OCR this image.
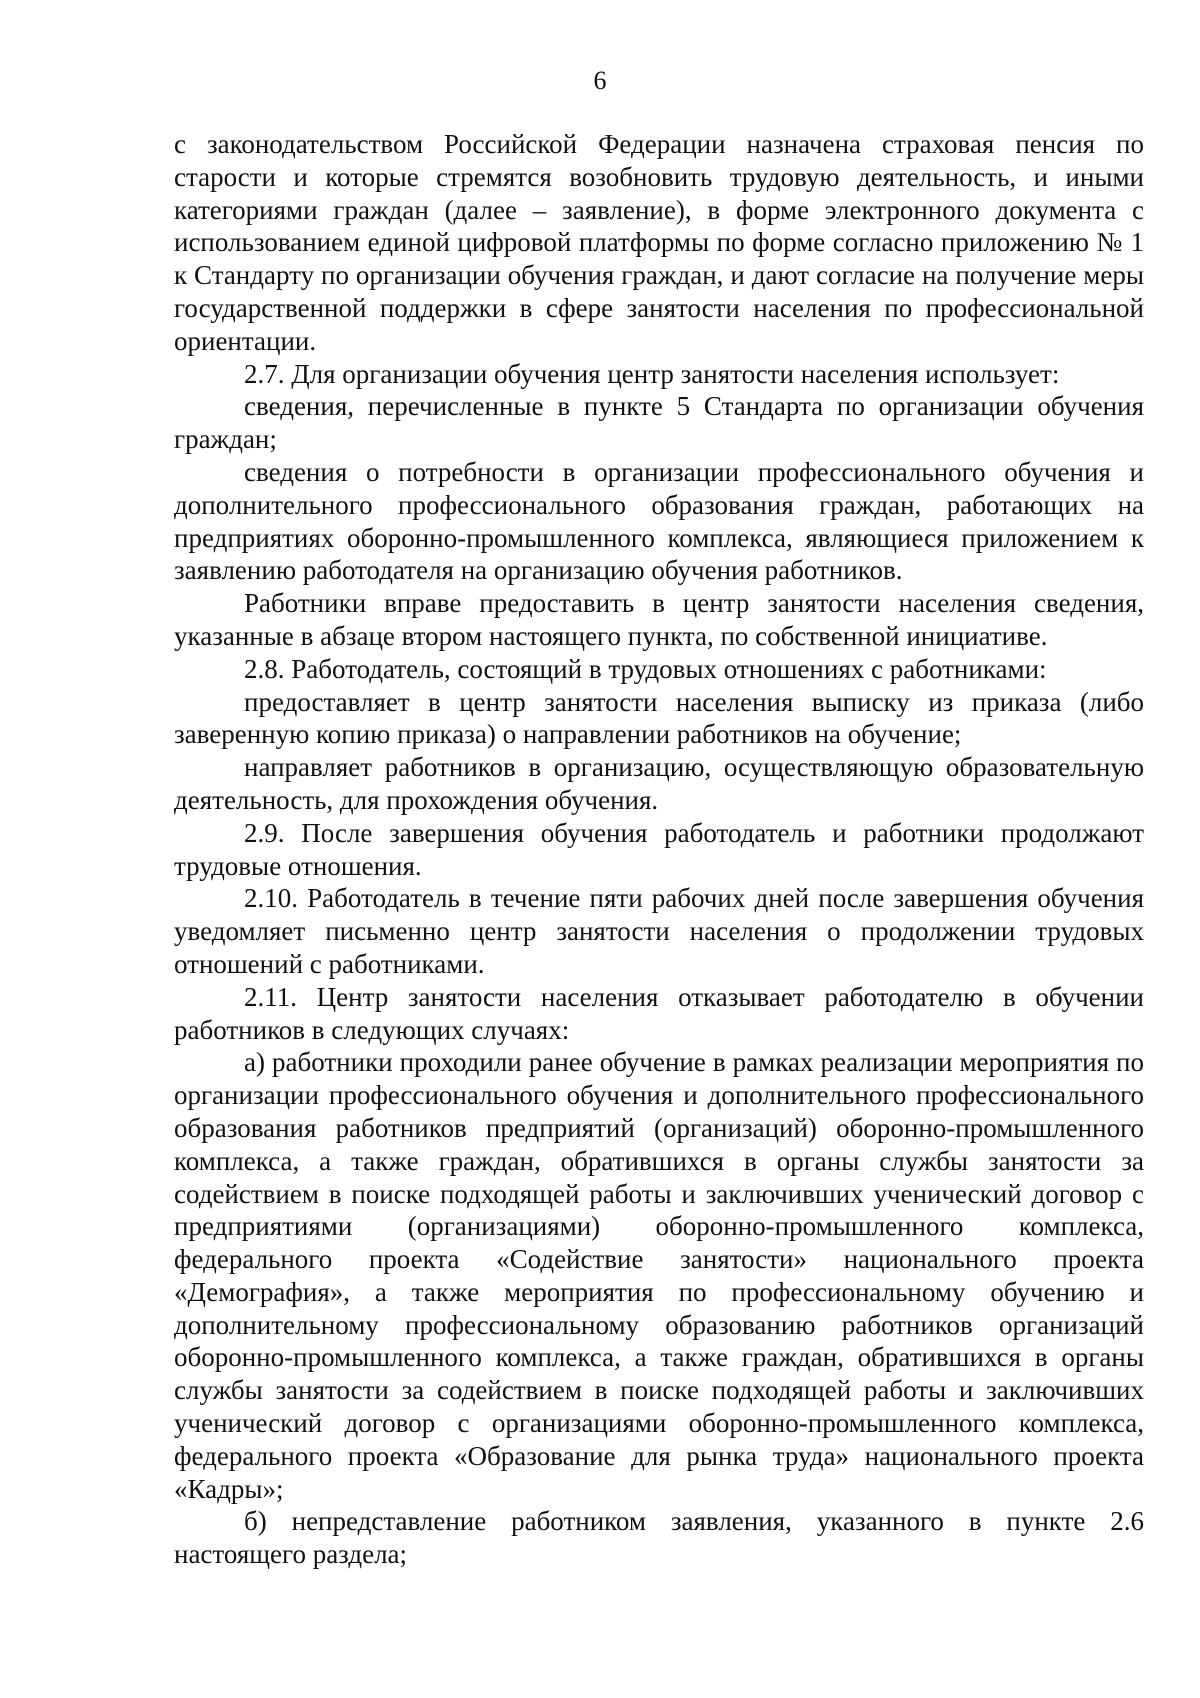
6

с законодательством Российской Федерации назначена страховая пенсия по старости и которые стремятся возобновить трудовую деятельность, и иными категориями граждан (далее – заявление), в форме электронного документа с использованием единой цифровой платформы по форме согласно приложению № 1 к Стандарту по организации обучения граждан, и дают согласие на получение меры государственной поддержки в сфере занятости населения по профессиональной ориентации.

2.7. Для организации обучения центр занятости населения использует:

сведения, перечисленные в пункте 5 Стандарта по организации обучения граждан;

сведения о потребности в организации профессионального обучения и дополнительного профессионального образования граждан, работающих на предприятиях оборонно-промышленного комплекса, являющиеся приложением к заявлению работодателя на организацию обучения работников.

Работники вправе предоставить в центр занятости населения сведения, указанные в абзаце втором настоящего пункта, по собственной инициативе.

2.8. Работодатель, состоящий в трудовых отношениях с работниками:

предоставляет в центр занятости населения выписку из приказа (либо заверенную копию приказа) о направлении работников на обучение;

направляет работников в организацию, осуществляющую образовательную деятельность, для прохождения обучения.

2.9. После завершения обучения работодатель и работники продолжают трудовые отношения.

2.10. Работодатель в течение пяти рабочих дней после завершения обучения уведомляет письменно центр занятости населения о продолжении трудовых отношений с работниками.

2.11. Центр занятости населения отказывает работодателю в обучении работников в следующих случаях:

а) работники проходили ранее обучение в рамках реализации мероприятия по организации профессионального обучения и дополнительного профессионального образования работников предприятий (организаций) оборонно-промышленного комплекса, а также граждан, обратившихся в органы службы занятости за содействием в поиске подходящей работы и заключивших ученический договор с предприятиями (организациями) оборонно-промышленного комплекса, федерального проекта «Содействие занятости» национального проекта «Демография», а также мероприятия по профессиональному обучению и дополнительному профессиональному образованию работников организаций оборонно-промышленного комплекса, а также граждан, обратившихся в органы службы занятости за содействием в поиске подходящей работы и заключивших ученический договор с организациями оборонно-промышленного комплекса, федерального проекта «Образование для рынка труда» национального проекта «Кадры»;

б) непредставление работником заявления, указанного в пункте 2.6 настоящего раздела;
